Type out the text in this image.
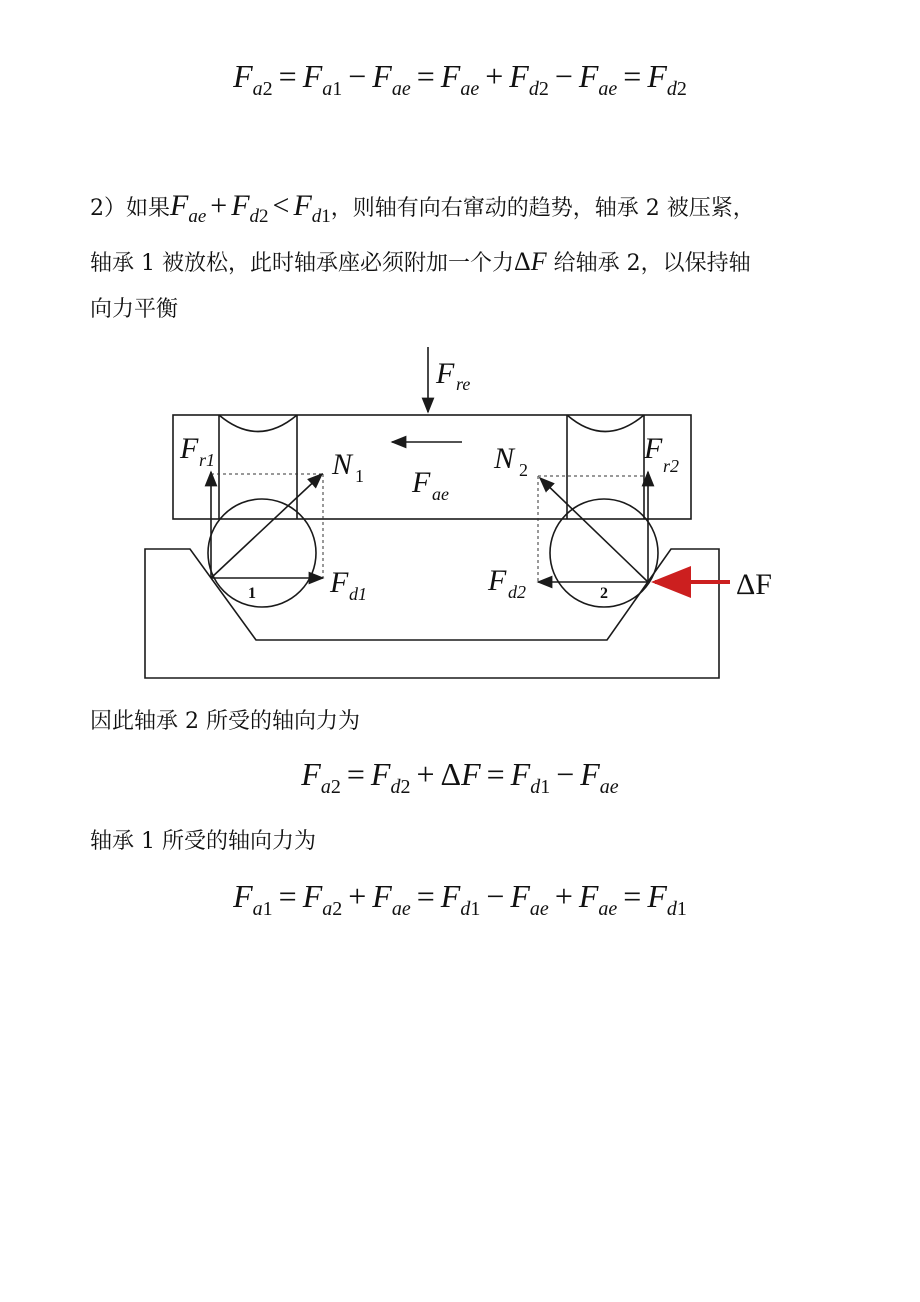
$F_{a2} = F_{a1} - F_{ae} = F_{ae} + F_{d2} - F_{ae} = F_{d2}$
2）如果$F_{ae} + F_{d2} < F_{d1}$，则轴有向右窜动的趋势，轴承 2 被压紧，
轴承 1 被放松，此时轴承座必须附加一个力ΔF 给轴承 2，以保持轴
向力平衡
F re
F r1	F
r2
N 1
N 2
F ae
F d1	F d2
1	2	ΔF
因此轴承 2 所受的轴向力为
$F_{a2} = F_{d2} + \Delta F = F_{d1} - F_{ae}$
轴承 1 所受的轴向力为
$F_{a1} = F_{a2} + F_{ae} = F_{d1} - F_{ae} + F_{ae} = F_{d1}$
